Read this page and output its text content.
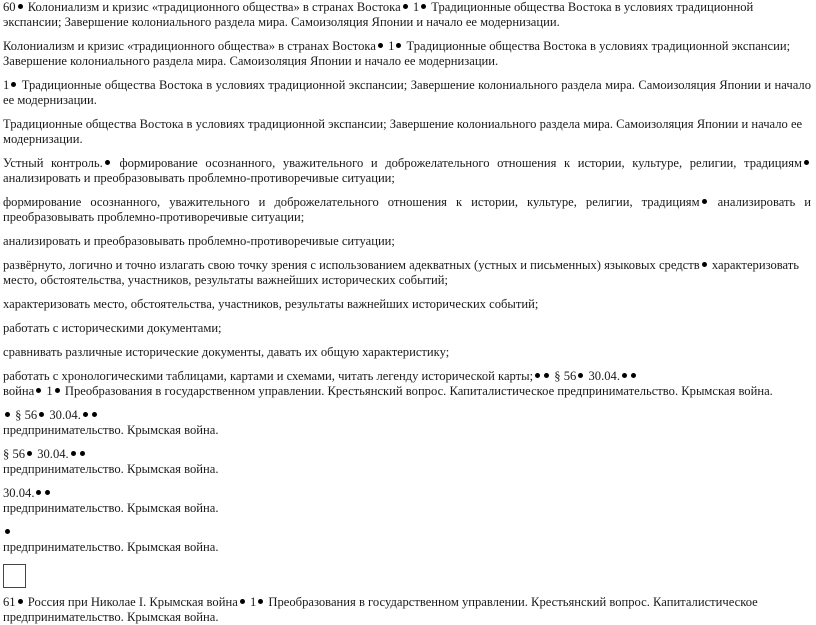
60 Колониализм и кризис «традиционного общества» в странах Востока 1 Традиционные общества Востока в условиях традиционной экспансии; Завершение колониального раздела мира. Самоизоляция Японии и начало ее модернизации.
Колониализм и кризис «традиционного общества» в странах Востока 1 Традиционные общества Востока в условиях традиционной экспансии; Завершение колониального раздела мира. Самоизоляция Японии и начало ее модернизации.
1 Традиционные общества Востока в условиях традиционной экспансии; Завершение колониального раздела мира. Самоизоляция Японии и начало ее модернизации.
Традиционные общества Востока в условиях традиционной экспансии; Завершение колониального раздела мира. Самоизоляция Японии и начало ее модернизации.
Устный контроль. формирование осознанного, уважительного и доброжелательного отношения к истории, культуре, религии, традициям анализировать и преобразовывать проблемно-противоречивые ситуации;
формирование осознанного, уважительного и доброжелательного отношения к истории, культуре, религии, традициям анализировать и преобразовывать проблемно-противоречивые ситуации;
анализировать и преобразовывать проблемно-противоречивые ситуации;
развёрнуто, логично и точно излагать свою точку зрения с использованием адекватных (устных и письменных) языковых средств характеризовать место, обстоятельства, участников, результаты важнейших исторических событий;
характеризовать место, обстоятельства, участников, результаты важнейших исторических событий;
работать с историческими документами;
сравнивать различные исторические документы, давать их общую характеристику;
работать с хронологическими таблицами, картами и схемами, читать легенду исторической карты; § 56 30.04.
война 1 Преобразования в государственном управлении. Крестьянский вопрос. Капиталистическое предпринимательство. Крымская война.
§ 56 30.04.
предпринимательство. Крымская война.
§ 56 30.04.
предпринимательство. Крымская война.
30.04.
предпринимательство. Крымская война.

предпринимательство. Крымская война.
61 Россия при Николае I. Крымская война 1 Преобразования в государственном управлении. Крестьянский вопрос. Капиталистическое предпринимательство. Крымская война.
